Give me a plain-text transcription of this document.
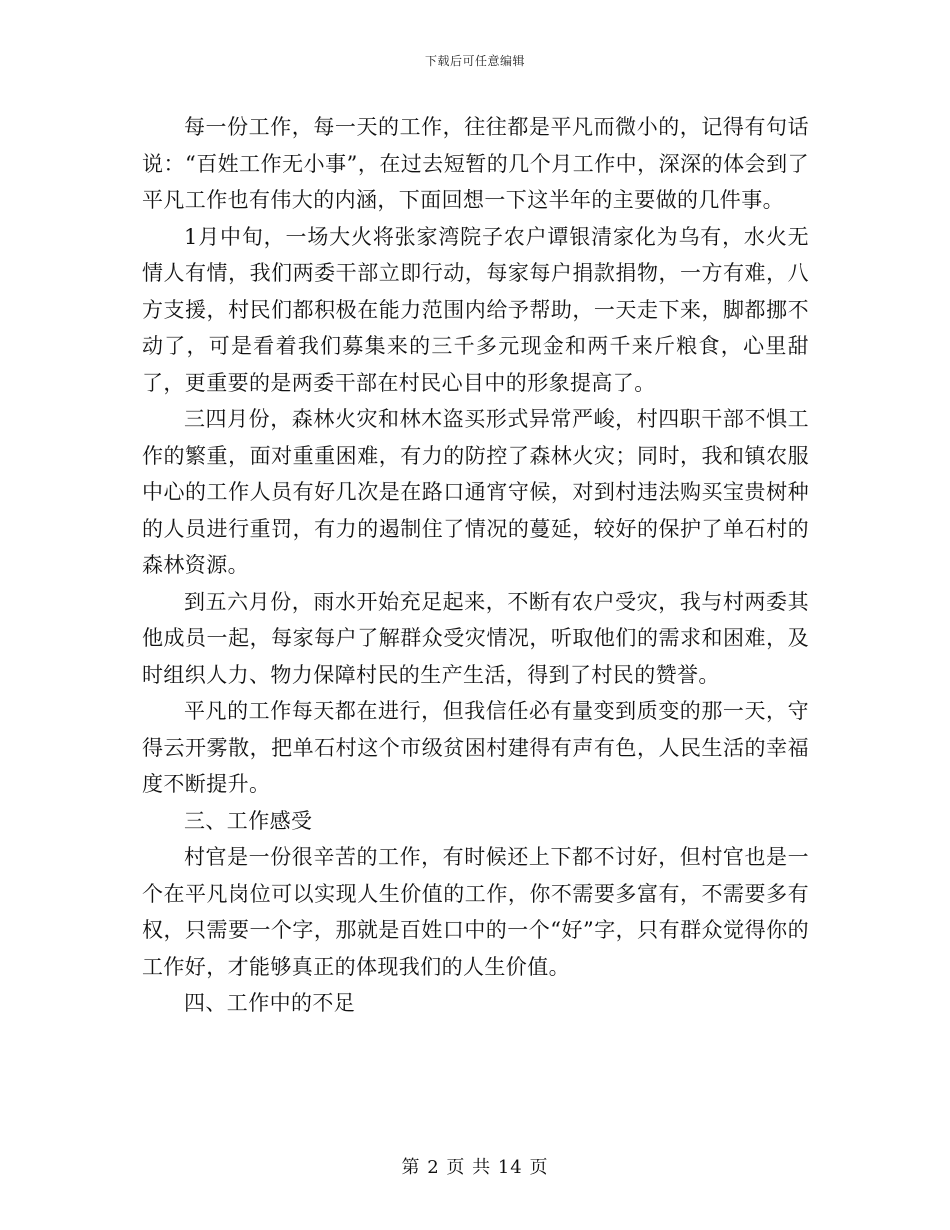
下载后可任意编辑

每一份工作，每一天的工作，往往都是平凡而微小的，记得有句话说：“百姓工作无小事”，在过去短暂的几个月工作中，深深的体会到了平凡工作也有伟大的内涵，下面回想一下这半年的主要做的几件事。

1月中旬，一场大火将张家湾院子农户谭银清家化为乌有，水火无情人有情，我们两委干部立即行动，每家每户捐款捐物，一方有难，八方支援，村民们都积极在能力范围内给予帮助，一天走下来，脚都挪不动了，可是看着我们募集来的三千多元现金和两千来斤粮食，心里甜了，更重要的是两委干部在村民心目中的形象提高了。

三四月份，森林火灾和林木盗买形式异常严峻，村四职干部不惧工作的繁重，面对重重困难，有力的防控了森林火灾；同时，我和镇农服中心的工作人员有好几次是在路口通宵守候，对到村违法购买宝贵树种的人员进行重罚，有力的遏制住了情况的蔓延，较好的保护了单石村的森林资源。

到五六月份，雨水开始充足起来，不断有农户受灾，我与村两委其他成员一起，每家每户了解群众受灾情况，听取他们的需求和困难，及时组织人力、物力保障村民的生产生活，得到了村民的赞誉。

平凡的工作每天都在进行，但我信任必有量变到质变的那一天，守得云开雾散，把单石村这个市级贫困村建得有声有色，人民生活的幸福度不断提升。

三、工作感受

村官是一份很辛苦的工作，有时候还上下都不讨好，但村官也是一个在平凡岗位可以实现人生价值的工作，你不需要多富有，不需要多有权，只需要一个字，那就是百姓口中的一个“好”字，只有群众觉得你的工作好，才能够真正的体现我们的人生价值。

四、工作中的不足

第 2 页 共 14 页
